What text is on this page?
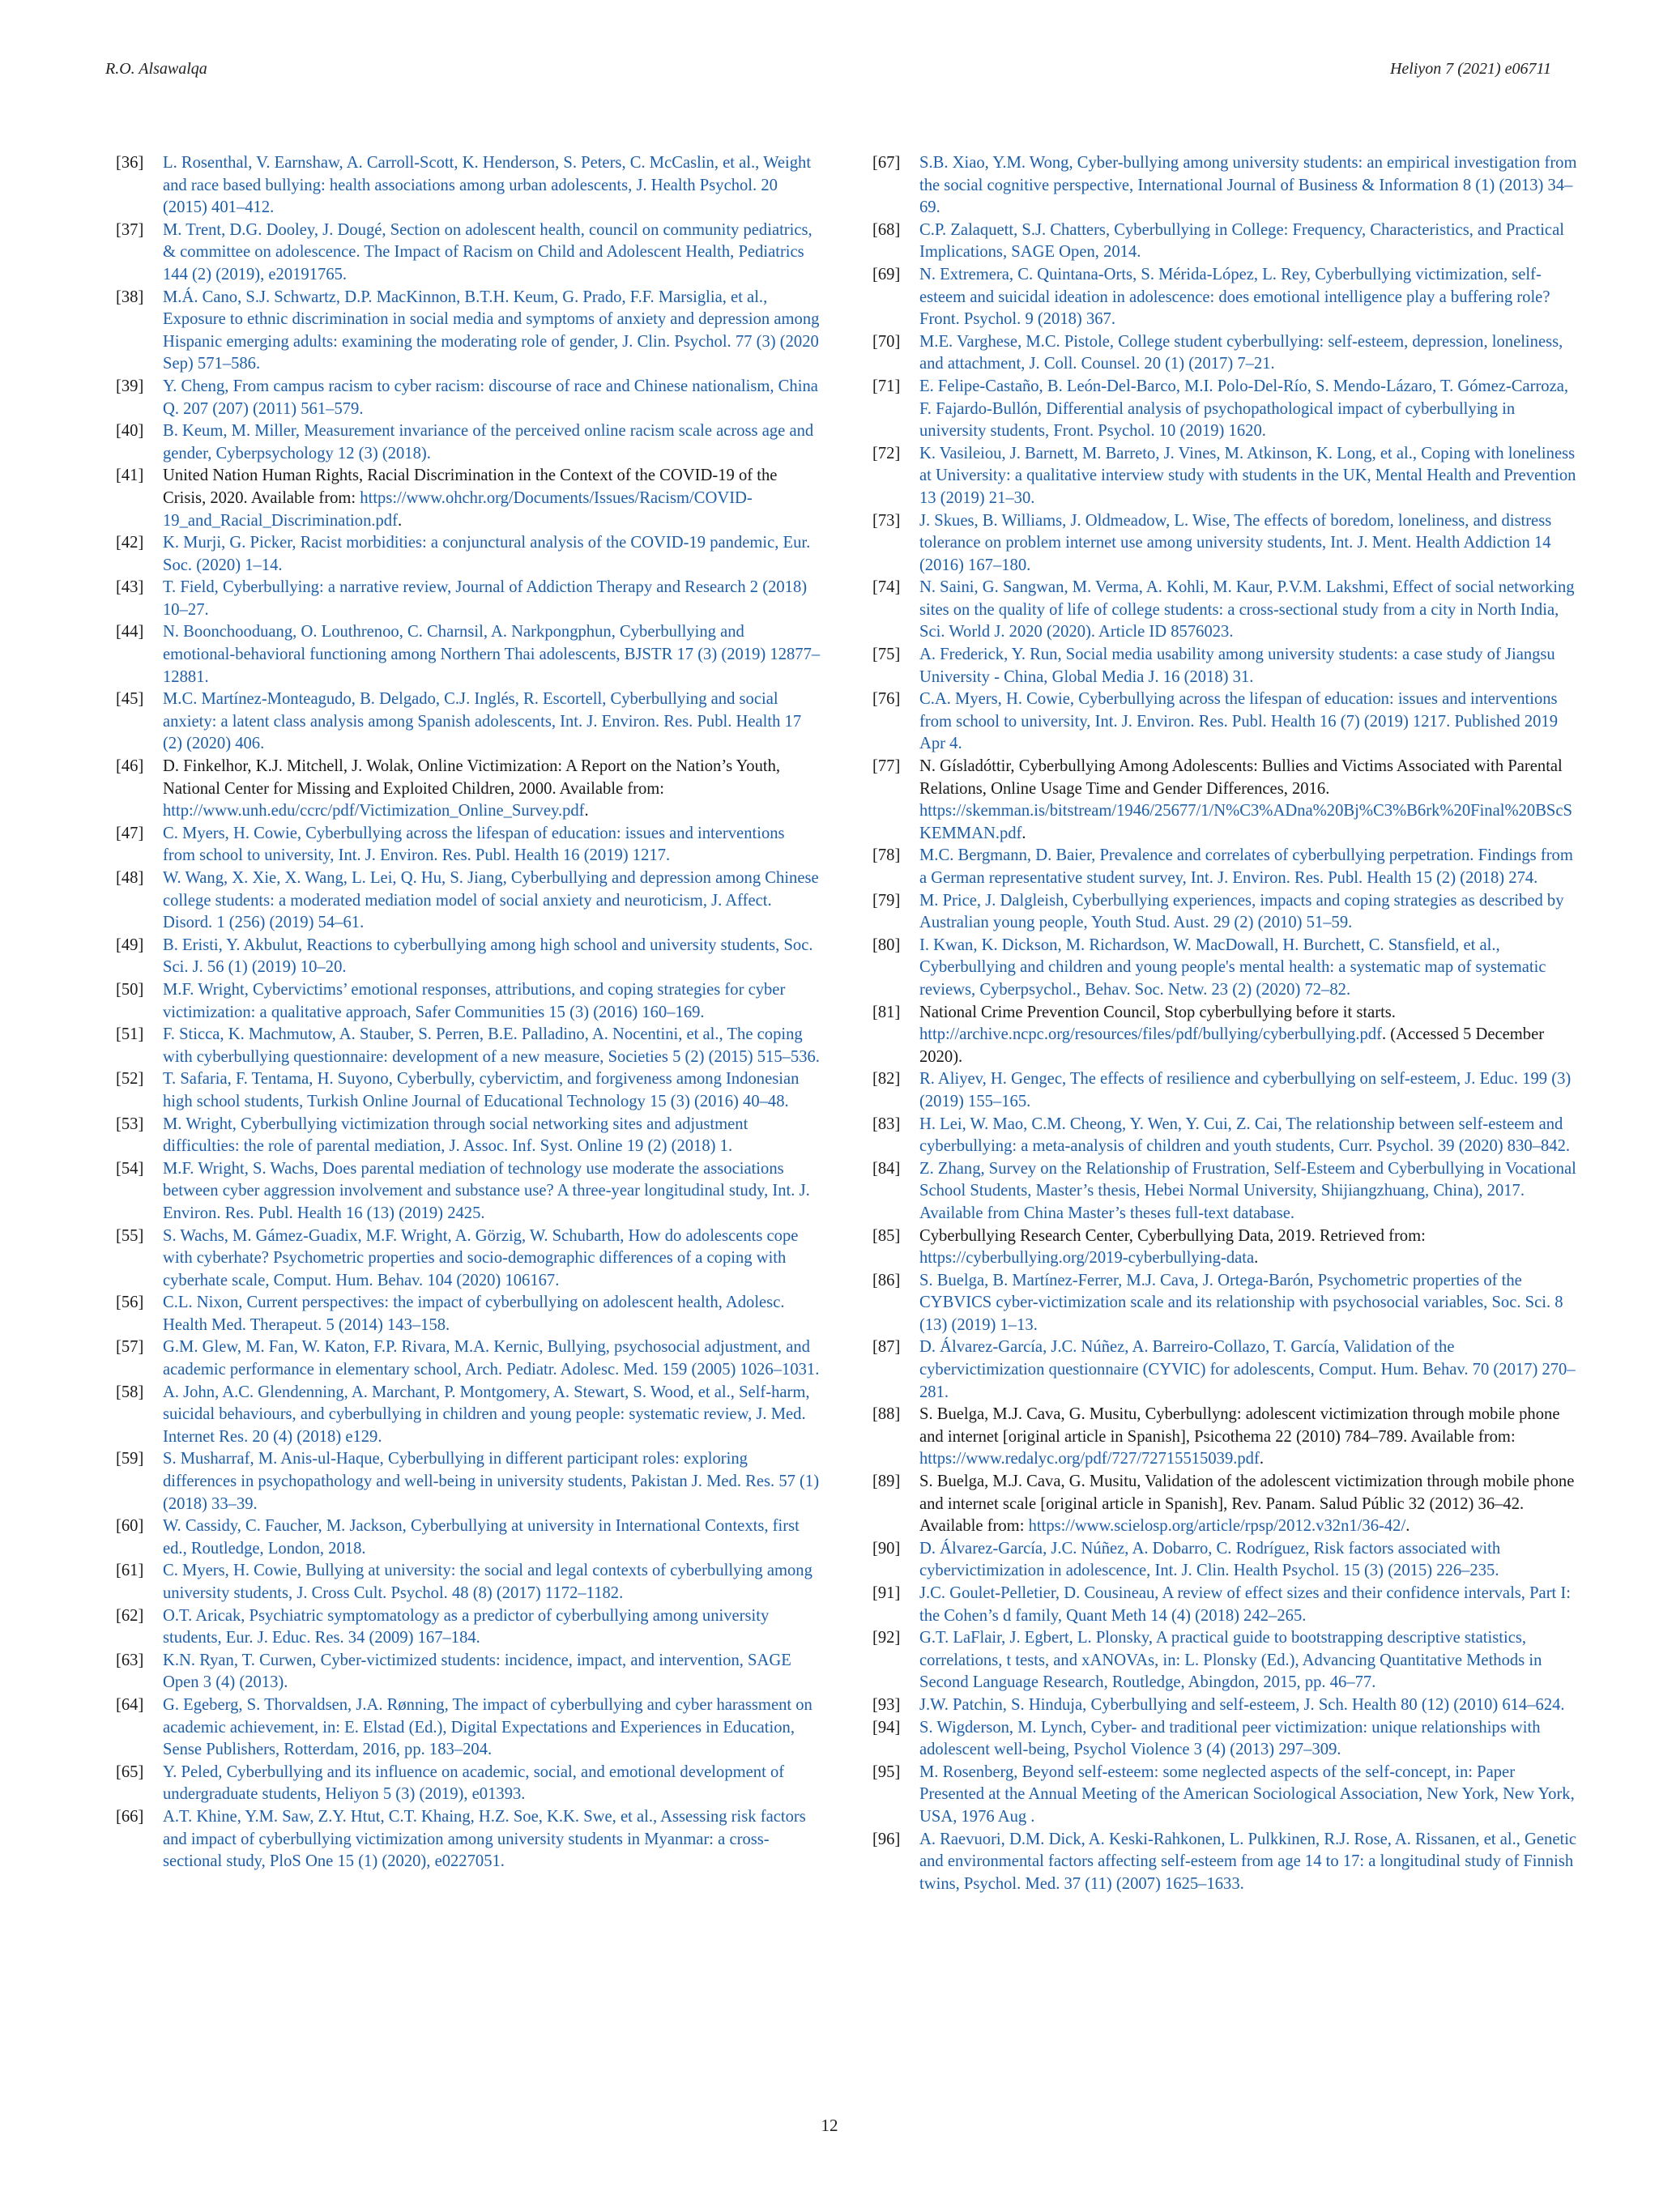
R.O. Alsawalqa	Heliyon 7 (2021) e06711

[36] L. Rosenthal, V. Earnshaw, A. Carroll-Scott, K. Henderson, S. Peters, C. McCaslin, et al., Weight and race based bullying: health associations among urban adolescents, J. Health Psychol. 20 (2015) 401–412.

[37] M. Trent, D.G. Dooley, J. Dougé, Section on adolescent health, council on community pediatrics, & committee on adolescence. The Impact of Racism on Child and Adolescent Health, Pediatrics 144 (2) (2019), e20191765.

[38] M.Á. Cano, S.J. Schwartz, D.P. MacKinnon, B.T.H. Keum, G. Prado, F.F. Marsiglia, et al., Exposure to ethnic discrimination in social media and symptoms of anxiety and depression among Hispanic emerging adults: examining the moderating role of gender, J. Clin. Psychol. 77 (3) (2020 Sep) 571–586.

[39] Y. Cheng, From campus racism to cyber racism: discourse of race and Chinese nationalism, China Q. 207 (207) (2011) 561–579.

[40] B. Keum, M. Miller, Measurement invariance of the perceived online racism scale across age and gender, Cyberpsychology 12 (3) (2018).

[41] United Nation Human Rights, Racial Discrimination in the Context of the COVID-19 of the Crisis, 2020. Available from: https://www.ohchr.org/Documents/Issues/Racism/COVID-19_and_Racial_Discrimination.pdf.

[42] K. Murji, G. Picker, Racist morbidities: a conjunctural analysis of the COVID-19 pandemic, Eur. Soc. (2020) 1–14.

[43] T. Field, Cyberbullying: a narrative review, Journal of Addiction Therapy and Research 2 (2018) 10–27.

[44] N. Boonchooduang, O. Louthrenoo, C. Charnsil, A. Narkpongphun, Cyberbullying and emotional-behavioral functioning among Northern Thai adolescents, BJSTR 17 (3) (2019) 12877–12881.

[45] M.C. Martínez-Monteagudo, B. Delgado, C.J. Inglés, R. Escortell, Cyberbullying and social anxiety: a latent class analysis among Spanish adolescents, Int. J. Environ. Res. Publ. Health 17 (2) (2020) 406.

[46] D. Finkelhor, K.J. Mitchell, J. Wolak, Online Victimization: A Report on the Nation’s Youth, National Center for Missing and Exploited Children, 2000. Available from: http://www.unh.edu/ccrc/pdf/Victimization_Online_Survey.pdf.

[47] C. Myers, H. Cowie, Cyberbullying across the lifespan of education: issues and interventions from school to university, Int. J. Environ. Res. Publ. Health 16 (2019) 1217.

[48] W. Wang, X. Xie, X. Wang, L. Lei, Q. Hu, S. Jiang, Cyberbullying and depression among Chinese college students: a moderated mediation model of social anxiety and neuroticism, J. Affect. Disord. 1 (256) (2019) 54–61.

[49] B. Eristi, Y. Akbulut, Reactions to cyberbullying among high school and university students, Soc. Sci. J. 56 (1) (2019) 10–20.

[50] M.F. Wright, Cybervictims’ emotional responses, attributions, and coping strategies for cyber victimization: a qualitative approach, Safer Communities 15 (3) (2016) 160–169.

[51] F. Sticca, K. Machmutow, A. Stauber, S. Perren, B.E. Palladino, A. Nocentini, et al., The coping with cyberbullying questionnaire: development of a new measure, Societies 5 (2) (2015) 515–536.

[52] T. Safaria, F. Tentama, H. Suyono, Cyberbully, cybervictim, and forgiveness among Indonesian high school students, Turkish Online Journal of Educational Technology 15 (3) (2016) 40–48.

[53] M. Wright, Cyberbullying victimization through social networking sites and adjustment difficulties: the role of parental mediation, J. Assoc. Inf. Syst. Online 19 (2) (2018) 1.

[54] M.F. Wright, S. Wachs, Does parental mediation of technology use moderate the associations between cyber aggression involvement and substance use? A three-year longitudinal study, Int. J. Environ. Res. Publ. Health 16 (13) (2019) 2425.

[55] S. Wachs, M. Gámez-Guadix, M.F. Wright, A. Görzig, W. Schubarth, How do adolescents cope with cyberhate? Psychometric properties and socio-demographic differences of a coping with cyberhate scale, Comput. Hum. Behav. 104 (2020) 106167.

[56] C.L. Nixon, Current perspectives: the impact of cyberbullying on adolescent health, Adolesc. Health Med. Therapeut. 5 (2014) 143–158.

[57] G.M. Glew, M. Fan, W. Katon, F.P. Rivara, M.A. Kernic, Bullying, psychosocial adjustment, and academic performance in elementary school, Arch. Pediatr. Adolesc. Med. 159 (2005) 1026–1031.

[58] A. John, A.C. Glendenning, A. Marchant, P. Montgomery, A. Stewart, S. Wood, et al., Self-harm, suicidal behaviours, and cyberbullying in children and young people: systematic review, J. Med. Internet Res. 20 (4) (2018) e129.

[59] S. Musharraf, M. Anis-ul-Haque, Cyberbullying in different participant roles: exploring differences in psychopathology and well-being in university students, Pakistan J. Med. Res. 57 (1) (2018) 33–39.

[60] W. Cassidy, C. Faucher, M. Jackson, Cyberbullying at university in International Contexts, first ed., Routledge, London, 2018.

[61] C. Myers, H. Cowie, Bullying at university: the social and legal contexts of cyberbullying among university students, J. Cross Cult. Psychol. 48 (8) (2017) 1172–1182.

[62] O.T. Aricak, Psychiatric symptomatology as a predictor of cyberbullying among university students, Eur. J. Educ. Res. 34 (2009) 167–184.

[63] K.N. Ryan, T. Curwen, Cyber-victimized students: incidence, impact, and intervention, SAGE Open 3 (4) (2013).

[64] G. Egeberg, S. Thorvaldsen, J.A. Rønning, The impact of cyberbullying and cyber harassment on academic achievement, in: E. Elstad (Ed.), Digital Expectations and Experiences in Education, Sense Publishers, Rotterdam, 2016, pp. 183–204.

[65] Y. Peled, Cyberbullying and its influence on academic, social, and emotional development of undergraduate students, Heliyon 5 (3) (2019), e01393.

[66] A.T. Khine, Y.M. Saw, Z.Y. Htut, C.T. Khaing, H.Z. Soe, K.K. Swe, et al., Assessing risk factors and impact of cyberbullying victimization among university students in Myanmar: a cross-sectional study, PloS One 15 (1) (2020), e0227051.

[67] S.B. Xiao, Y.M. Wong, Cyber-bullying among university students: an empirical investigation from the social cognitive perspective, International Journal of Business & Information 8 (1) (2013) 34–69.

[68] C.P. Zalaquett, S.J. Chatters, Cyberbullying in College: Frequency, Characteristics, and Practical Implications, SAGE Open, 2014.

[69] N. Extremera, C. Quintana-Orts, S. Mérida-López, L. Rey, Cyberbullying victimization, self-esteem and suicidal ideation in adolescence: does emotional intelligence play a buffering role? Front. Psychol. 9 (2018) 367.

[70] M.E. Varghese, M.C. Pistole, College student cyberbullying: self-esteem, depression, loneliness, and attachment, J. Coll. Counsel. 20 (1) (2017) 7–21.

[71] E. Felipe-Castaño, B. León-Del-Barco, M.I. Polo-Del-Río, S. Mendo-Lázaro, T. Gómez-Carroza, F. Fajardo-Bullón, Differential analysis of psychopathological impact of cyberbullying in university students, Front. Psychol. 10 (2019) 1620.

[72] K. Vasileiou, J. Barnett, M. Barreto, J. Vines, M. Atkinson, K. Long, et al., Coping with loneliness at University: a qualitative interview study with students in the UK, Mental Health and Prevention 13 (2019) 21–30.

[73] J. Skues, B. Williams, J. Oldmeadow, L. Wise, The effects of boredom, loneliness, and distress tolerance on problem internet use among university students, Int. J. Ment. Health Addiction 14 (2016) 167–180.

[74] N. Saini, G. Sangwan, M. Verma, A. Kohli, M. Kaur, P.V.M. Lakshmi, Effect of social networking sites on the quality of life of college students: a cross-sectional study from a city in North India, Sci. World J. 2020 (2020). Article ID 8576023.

[75] A. Frederick, Y. Run, Social media usability among university students: a case study of Jiangsu University - China, Global Media J. 16 (2018) 31.

[76] C.A. Myers, H. Cowie, Cyberbullying across the lifespan of education: issues and interventions from school to university, Int. J. Environ. Res. Publ. Health 16 (7) (2019) 1217. Published 2019 Apr 4.

[77] N. Gísladóttir, Cyberbullying Among Adolescents: Bullies and Victims Associated with Parental Relations, Online Usage Time and Gender Differences, 2016. https://skemman.is/bitstream/1946/25677/1/N%C3%ADna%20Bj%C3%B6rk%20Final%20BScSKEMMAN.pdf.

[78] M.C. Bergmann, D. Baier, Prevalence and correlates of cyberbullying perpetration. Findings from a German representative student survey, Int. J. Environ. Res. Publ. Health 15 (2) (2018) 274.

[79] M. Price, J. Dalgleish, Cyberbullying experiences, impacts and coping strategies as described by Australian young people, Youth Stud. Aust. 29 (2) (2010) 51–59.

[80] I. Kwan, K. Dickson, M. Richardson, W. MacDowall, H. Burchett, C. Stansfield, et al., Cyberbullying and children and young people's mental health: a systematic map of systematic reviews, Cyberpsychol., Behav. Soc. Netw. 23 (2) (2020) 72–82.

[81] National Crime Prevention Council, Stop cyberbullying before it starts. http://archive.ncpc.org/resources/files/pdf/bullying/cyberbullying.pdf. (Accessed 5 December 2020).

[82] R. Aliyev, H. Gengec, The effects of resilience and cyberbullying on self-esteem, J. Educ. 199 (3) (2019) 155–165.

[83] H. Lei, W. Mao, C.M. Cheong, Y. Wen, Y. Cui, Z. Cai, The relationship between self-esteem and cyberbullying: a meta-analysis of children and youth students, Curr. Psychol. 39 (2020) 830–842.

[84] Z. Zhang, Survey on the Relationship of Frustration, Self-Esteem and Cyberbullying in Vocational School Students, Master’s thesis, Hebei Normal University, Shijiangzhuang, China), 2017. Available from China Master’s theses full-text database.

[85] Cyberbullying Research Center, Cyberbullying Data, 2019. Retrieved from: https://cyberbullying.org/2019-cyberbullying-data.

[86] S. Buelga, B. Martínez-Ferrer, M.J. Cava, J. Ortega-Barón, Psychometric properties of the CYBVICS cyber-victimization scale and its relationship with psychosocial variables, Soc. Sci. 8 (13) (2019) 1–13.

[87] D. Álvarez-García, J.C. Núñez, A. Barreiro-Collazo, T. García, Validation of the cybervictimization questionnaire (CYVIC) for adolescents, Comput. Hum. Behav. 70 (2017) 270–281.

[88] S. Buelga, M.J. Cava, G. Musitu, Cyberbullyng: adolescent victimization through mobile phone and internet [original article in Spanish], Psicothema 22 (2010) 784–789. Available from: https://www.redalyc.org/pdf/727/72715515039.pdf.

[89] S. Buelga, M.J. Cava, G. Musitu, Validation of the adolescent victimization through mobile phone and internet scale [original article in Spanish], Rev. Panam. Salud Públic 32 (2012) 36–42. Available from: https://www.scielosp.org/article/rpsp/2012.v32n1/36-42/.

[90] D. Álvarez-García, J.C. Núñez, A. Dobarro, C. Rodríguez, Risk factors associated with cybervictimization in adolescence, Int. J. Clin. Health Psychol. 15 (3) (2015) 226–235.

[91] J.C. Goulet-Pelletier, D. Cousineau, A review of effect sizes and their confidence intervals, Part I: the Cohen’s d family, Quant Meth 14 (4) (2018) 242–265.

[92] G.T. LaFlair, J. Egbert, L. Plonsky, A practical guide to bootstrapping descriptive statistics, correlations, t tests, and xANOVAs, in: L. Plonsky (Ed.), Advancing Quantitative Methods in Second Language Research, Routledge, Abingdon, 2015, pp. 46–77.

[93] J.W. Patchin, S. Hinduja, Cyberbullying and self-esteem, J. Sch. Health 80 (12) (2010) 614–624.

[94] S. Wigderson, M. Lynch, Cyber- and traditional peer victimization: unique relationships with adolescent well-being, Psychol Violence 3 (4) (2013) 297–309.

[95] M. Rosenberg, Beyond self-esteem: some neglected aspects of the self-concept, in: Paper Presented at the Annual Meeting of the American Sociological Association, New York, New York, USA, 1976 Aug .

[96] A. Raevuori, D.M. Dick, A. Keski-Rahkonen, L. Pulkkinen, R.J. Rose, A. Rissanen, et al., Genetic and environmental factors affecting self-esteem from age 14 to 17: a longitudinal study of Finnish twins, Psychol. Med. 37 (11) (2007) 1625–1633.

12
